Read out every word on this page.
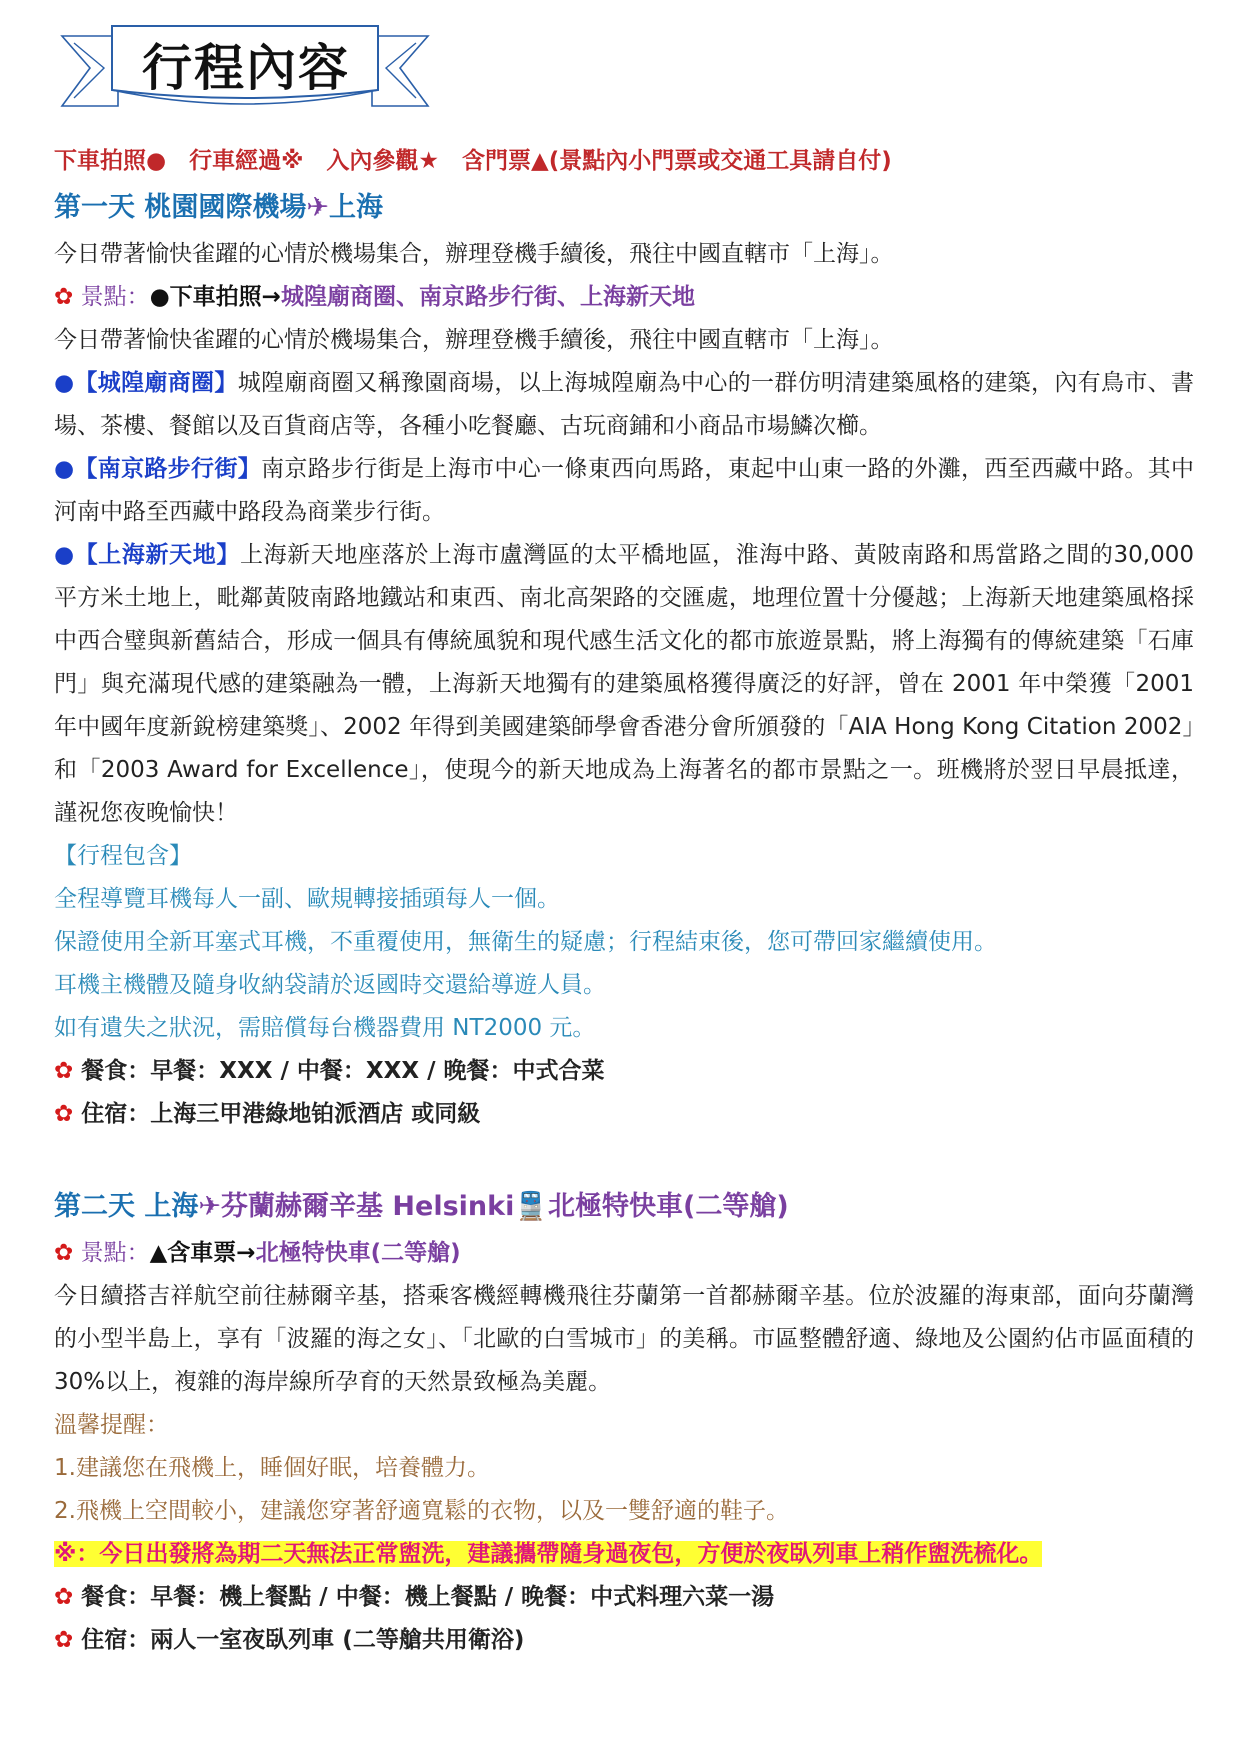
行程內容
下車拍照●　行車經過※　入內參觀★　含門票▲(景點內小門票或交通工具請自付)
第一天 桃園國際機場✈上海
今日帶著愉快雀躍的心情於機場集合，辦理登機手續後，飛往中國直轄市「上海」。
✿ 景點：●下車拍照→城隍廟商圈、南京路步行街、上海新天地
今日帶著愉快雀躍的心情於機場集合，辦理登機手續後，飛往中國直轄市「上海」。
●【城隍廟商圈】城隍廟商圈又稱豫園商場，以上海城隍廟為中心的一群仿明清建築風格的建築，內有鳥市、書場、茶樓、餐館以及百貨商店等，各種小吃餐廳、古玩商鋪和小商品市場鱗次櫛。
●【南京路步行街】南京路步行街是上海市中心一條東西向馬路，東起中山東一路的外灘，西至西藏中路。其中河南中路至西藏中路段為商業步行街。
●【上海新天地】上海新天地座落於上海市盧灣區的太平橋地區，淮海中路、黃陂南路和馬當路之間的30,000 平方米土地上，毗鄰黃陂南路地鐵站和東西、南北高架路的交匯處，地理位置十分優越；上海新天地建築風格採中西合璧與新舊結合，形成一個具有傳統風貌和現代感生活文化的都市旅遊景點，將上海獨有的傳統建築「石庫門」與充滿現代感的建築融為一體，上海新天地獨有的建築風格獲得廣泛的好評，曾在 2001 年中榮獲「2001 年中國年度新銳榜建築獎」、2002 年得到美國建築師學會香港分會所頒發的「AIA Hong Kong Citation 2002」和「2003 Award for Excellence」，使現今的新天地成為上海著名的都市景點之一。班機將於翌日早晨抵達，謹祝您夜晚愉快！
【行程包含】
全程導覽耳機每人一副、歐規轉接插頭每人一個。
保證使用全新耳塞式耳機，不重覆使用，無衛生的疑慮；行程結束後，您可帶回家繼續使用。
耳機主機體及隨身收納袋請於返國時交還給導遊人員。
如有遺失之狀況，需賠償每台機器費用 NT2000 元。
✿ 餐食：早餐：XXX / 中餐：XXX / 晚餐：中式合菜
✿ 住宿：上海三甲港綠地铂派酒店 或同級
第二天 上海✈芬蘭赫爾辛基 Helsinki🚆北極特快車(二等艙)
✿ 景點：▲含車票→北極特快車(二等艙)
今日續搭吉祥航空前往赫爾辛基，搭乘客機經轉機飛往芬蘭第一首都赫爾辛基。位於波羅的海東部，面向芬蘭灣的小型半島上，享有「波羅的海之女」、「北歐的白雪城市」的美稱。市區整體舒適、綠地及公園約佔市區面積的 30%以上，複雜的海岸線所孕育的天然景致極為美麗。
溫馨提醒：
1.建議您在飛機上，睡個好眠，培養體力。
2.飛機上空間較小，建議您穿著舒適寬鬆的衣物，以及一雙舒適的鞋子。
※：今日出發將為期二天無法正常盥洗，建議攜帶隨身過夜包，方便於夜臥列車上稍作盥洗梳化。
✿ 餐食：早餐：機上餐點 / 中餐：機上餐點 / 晚餐：中式料理六菜一湯
✿ 住宿：兩人一室夜臥列車 (二等艙共用衛浴)
